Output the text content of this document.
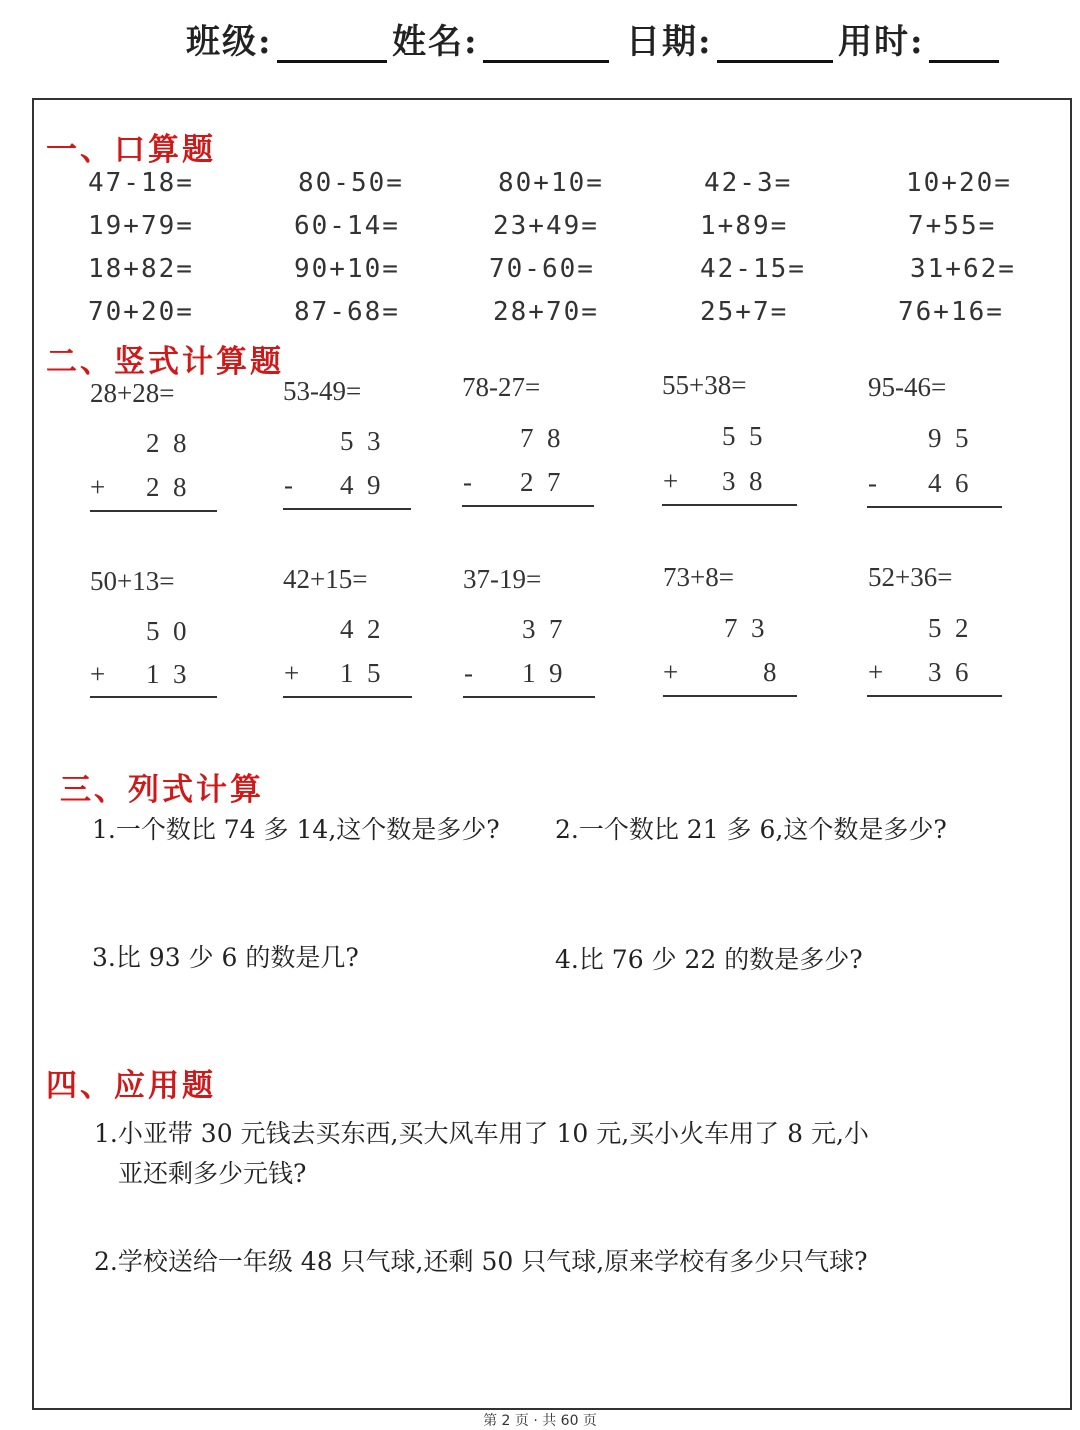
班级:	姓名:	日期:	用时:
一、口算题
47-18=	80-50=	80+10=	42-3=	10+20=
19+79=	60-14=	23+49=	1+89=	7+55=
18+82=	90+10=	70-60=	42-15=	31+62=
70+20=	87-68=	28+70=	25+7=	76+16=
二、竖式计算题
28+28=
2  8
+ 2  8
53-49=
5  3
- 4  9
78-27=
7  8
- 2  7
55+38=
5  5
+ 3  8
95-46=
9  5
- 4  6
50+13=
5  0
+ 1  3
42+15=
4  2
+ 1  5
37-19=
3  7
- 1  9
73+8=
7  3
+	8
52+36=
5  2
+ 3  6
三、列式计算
1.一个数比 74 多 14,这个数是多少? 2.一个数比 21 多 6,这个数是多少?
3.比 93 少 6 的数是几?	4.比 76 少 22 的数是多少?
四、应用题
1.小亚带 30 元钱去买东西,买大风车用了 10 元,买小火车用了 8 元,小
亚还剩多少元钱?
2.学校送给一年级 48 只气球,还剩 50 只气球,原来学校有多少只气球?
第 2 页 · 共 60 页
